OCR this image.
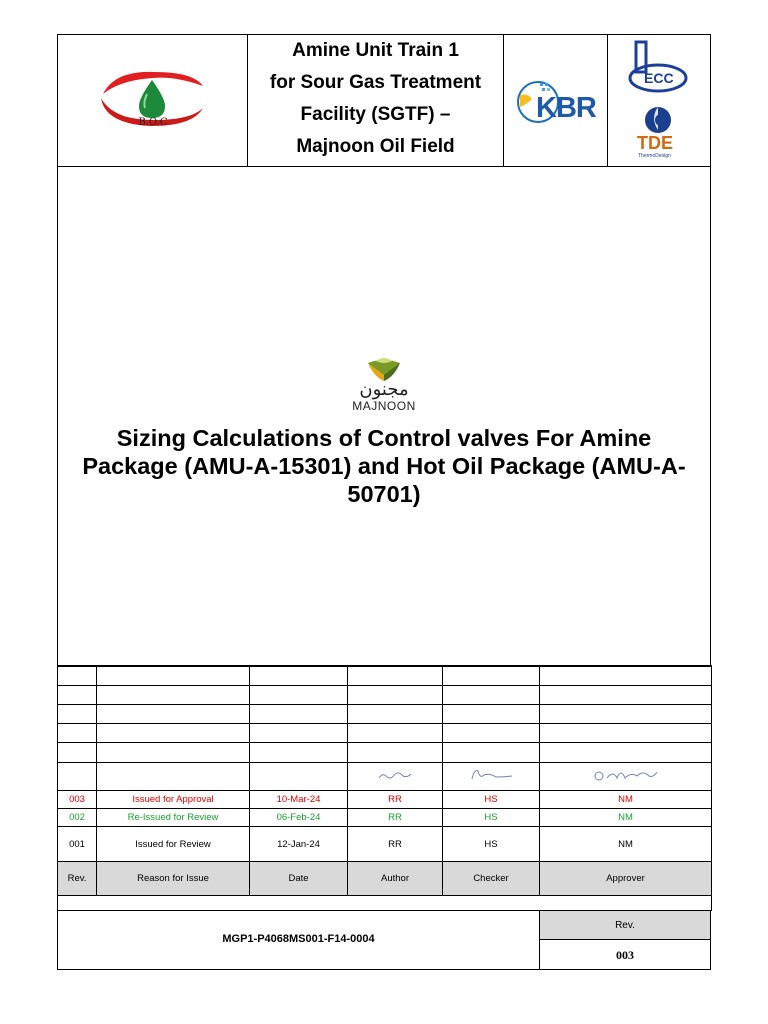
B.O.C
Amine Unit Train 1
for Sour Gas Treatment
Facility (SGTF) –
Majnoon Oil Field
KBR
ECC
TDE
ThermoDesign
مجنون
MAJNOON
Sizing Calculations of Control valves For Amine Package (AMU-A-15301) and Hot Oil Package (AMU-A-50701)

003	Issued for Approval	10-Mar-24	RR	HS	NM
002	Re-Issued for Review	06-Feb-24	RR	HS	NM
001	Issued for Review	12-Jan-24	RR	HS	NM
Rev.	Reason for Issue	Date	Author	Checker	Approver

MGP1-P4068MS001-F14-0004
Rev.
003
